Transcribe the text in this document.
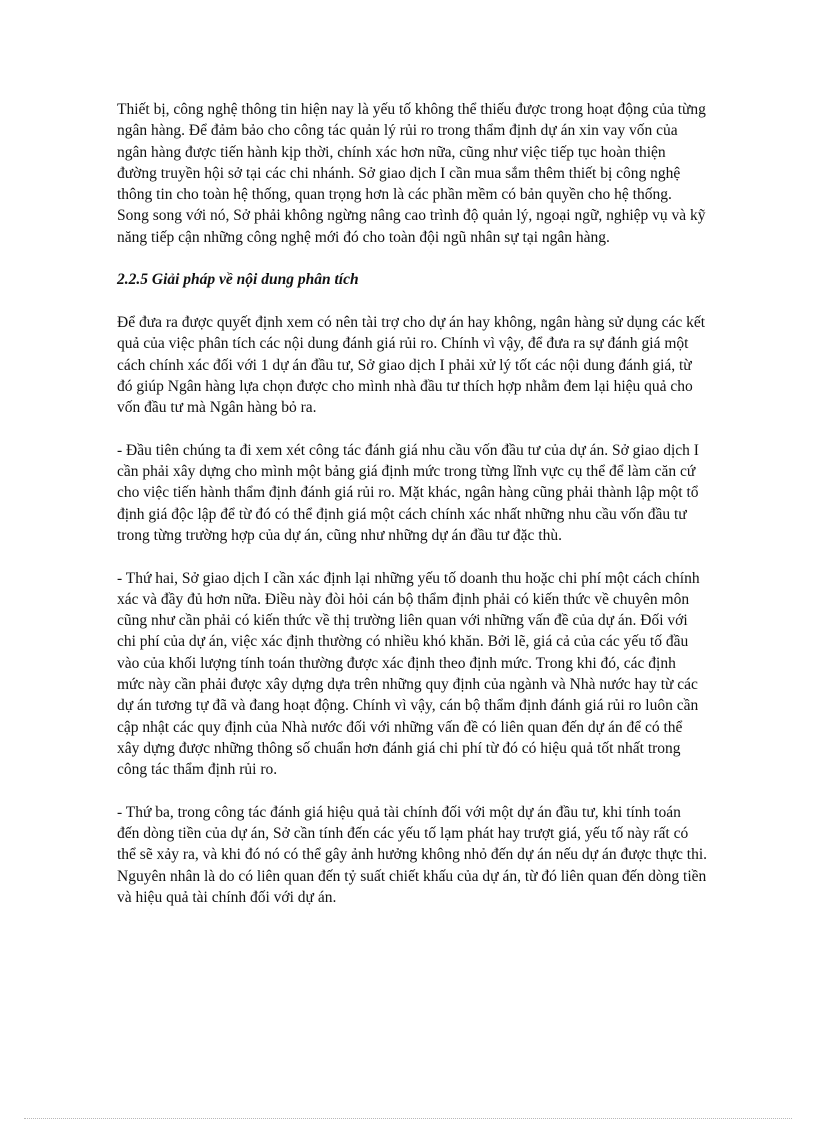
Thiết bị, công nghệ thông tin hiện nay là yếu tố không thể thiếu được trong hoạt động của từng ngân hàng. Để đảm bảo cho công tác quản lý rủi ro trong thẩm định dự án xin vay vốn của ngân hàng được tiến hành kịp thời, chính xác hơn nữa, cũng như việc tiếp tục hoàn thiện đường truyền hội sở tại các chi nhánh. Sở giao dịch I cần mua sắm thêm thiết bị công nghệ thông tin cho toàn hệ thống, quan trọng hơn là các phần mềm có bản quyền cho hệ thống. Song song với nó, Sở phải không ngừng nâng cao trình độ quản lý, ngoại ngữ, nghiệp vụ và kỹ năng tiếp cận những công nghệ mới đó cho toàn đội ngũ nhân sự tại ngân hàng.

2.2.5 Giải pháp về nội dung phân tích

Để đưa ra được quyết định xem có nên tài trợ cho dự án hay không, ngân hàng sử dụng các kết quả của việc phân tích các nội dung đánh giá rủi ro. Chính vì vậy, để đưa ra sự đánh giá một cách chính xác đối với 1 dự án đầu tư, Sở giao dịch I phải xử lý tốt các nội dung đánh giá, từ đó giúp Ngân hàng lựa chọn được cho mình nhà đầu tư thích hợp nhằm đem lại hiệu quả cho vốn đầu tư mà Ngân hàng bỏ ra.

- Đầu tiên chúng ta đi xem xét công tác đánh giá nhu cầu vốn đầu tư của dự án. Sở giao dịch I cần phải xây dựng cho mình một bảng giá định mức trong từng lĩnh vực cụ thể để làm căn cứ cho việc tiến hành thẩm định đánh giá rủi ro. Mặt khác, ngân hàng cũng phải thành lập một tổ định giá độc lập để từ đó có thể định giá một cách chính xác nhất những nhu cầu vốn đầu tư trong từng trường hợp của dự án, cũng như những dự án đầu tư đặc thù.

- Thứ hai, Sở giao dịch I cần xác định lại những yếu tố doanh thu hoặc chi phí một cách chính xác và đầy đủ hơn nữa. Điều này đòi hỏi cán bộ thẩm định phải có kiến thức về chuyên môn cũng như cần phải có kiến thức về thị trường liên quan với những vấn đề của dự án. Đối với chi phí của dự án, việc xác định thường có nhiều khó khăn. Bởi lẽ, giá cả của các yếu tố đầu vào của khối lượng tính toán thường được xác định theo định mức. Trong khi đó, các định mức này cần phải được xây dựng dựa trên những quy định của ngành và Nhà nước hay từ các dự án tương tự đã và đang hoạt động. Chính vì vậy, cán bộ thẩm định đánh giá rủi ro luôn cần cập nhật các quy định của Nhà nước đối với những vấn đề có liên quan đến dự án để có thể xây dựng được những thông số chuẩn hơn đánh giá chi phí từ đó có hiệu quả tốt nhất trong công tác thẩm định rủi ro.

- Thứ ba, trong công tác đánh giá hiệu quả tài chính đối với một dự án đầu tư, khi tính toán đến dòng tiền của dự án, Sở cần tính đến các yếu tố lạm phát hay trượt giá, yếu tố này rất có thể sẽ xảy ra, và khi đó nó có thể gây ảnh hưởng không nhỏ đến dự án nếu dự án được thực thi. Nguyên nhân là do có liên quan đến tỷ suất chiết khấu của dự án, từ đó liên quan đến dòng tiền và hiệu quả tài chính đối với dự án.
